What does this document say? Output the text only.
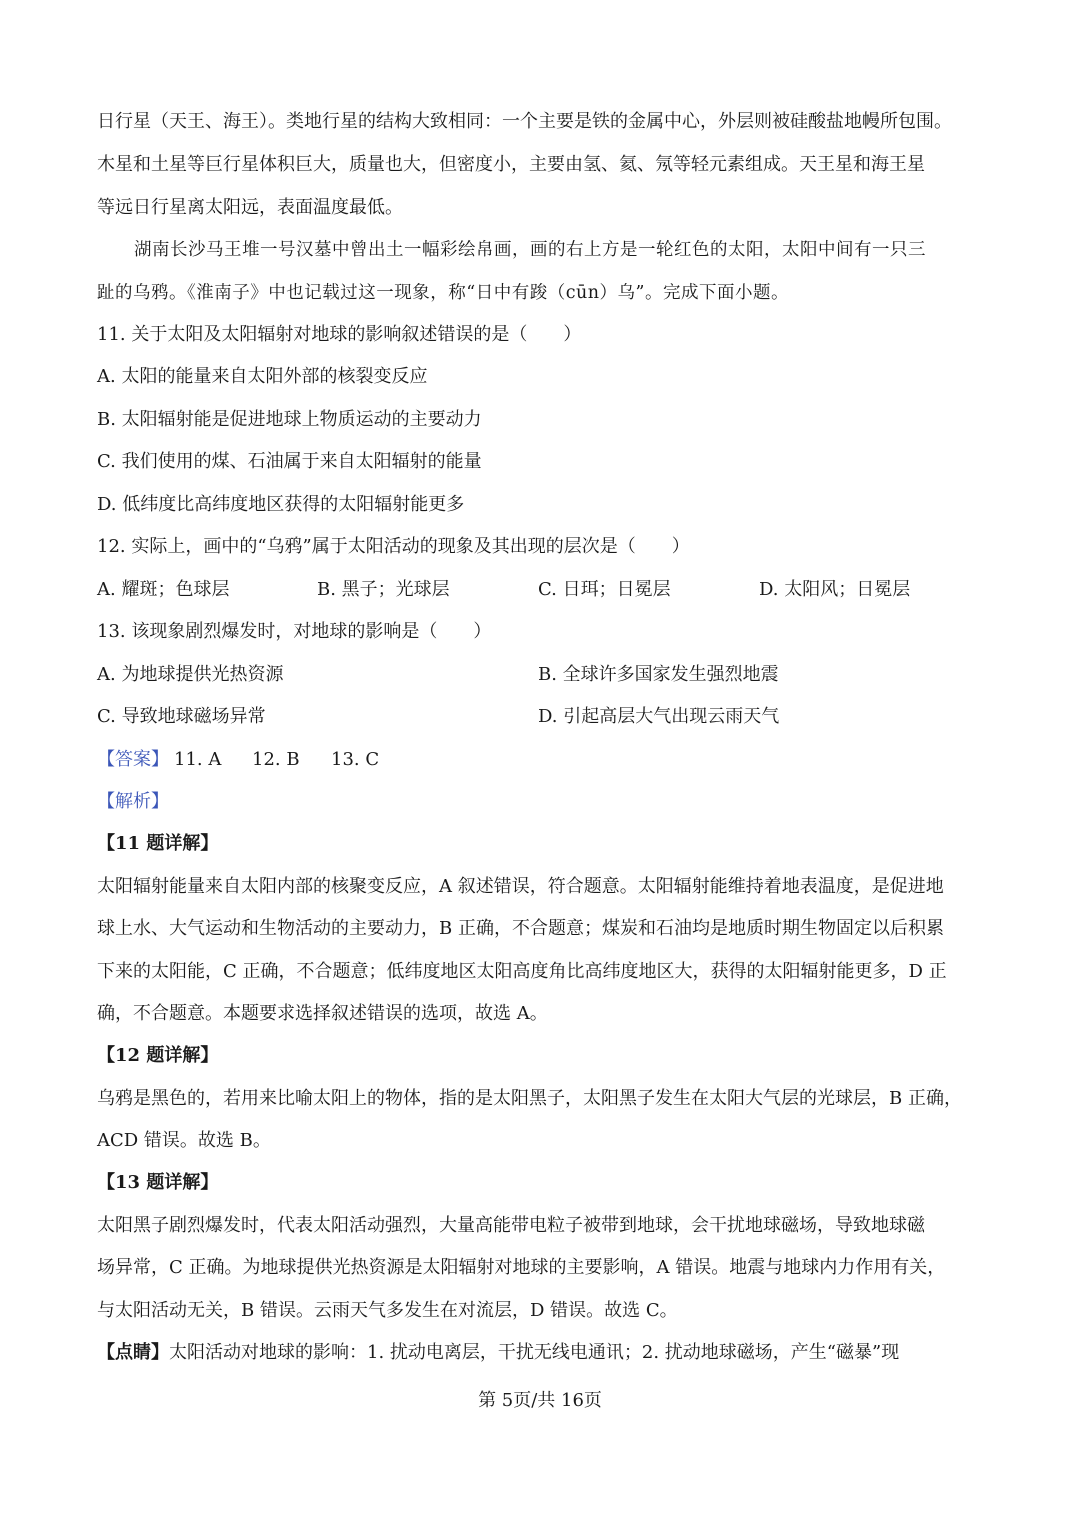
日行星（天王、海王）。类地行星的结构大致相同：一个主要是铁的金属中心，外层则被硅酸盐地幔所包围。
木星和土星等巨行星体积巨大，质量也大，但密度小，主要由氢、氦、氖等轻元素组成。天王星和海王星
等远日行星离太阳远，表面温度最低。
湖南长沙马王堆一号汉墓中曾出土一幅彩绘帛画，画的右上方是一轮红色的太阳，太阳中间有一只三
趾的乌鸦。《淮南子》中也记载过这一现象，称“日中有踆（cūn）乌”。完成下面小题。
11. 关于太阳及太阳辐射对地球的影响叙述错误的是（　　）
A. 太阳的能量来自太阳外部的核裂变反应
B. 太阳辐射能是促进地球上物质运动的主要动力
C. 我们使用的煤、石油属于来自太阳辐射的能量
D. 低纬度比高纬度地区获得的太阳辐射能更多
12. 实际上，画中的“乌鸦”属于太阳活动的现象及其出现的层次是（　　）
A. 耀斑；色球层	B. 黑子；光球层	C. 日珥；日冕层	D. 太阳风；日冕层
13. 该现象剧烈爆发时，对地球的影响是（　　）
A. 为地球提供光热资源	B. 全球许多国家发生强烈地震
C. 导致地球磁场异常	D. 引起高层大气出现云雨天气
【答案】 11. A	12. B	13. C
【解析】
【11 题详解】
太阳辐射能量来自太阳内部的核聚变反应，A 叙述错误，符合题意。太阳辐射能维持着地表温度，是促进地
球上水、大气运动和生物活动的主要动力，B 正确，不合题意；煤炭和石油均是地质时期生物固定以后积累
下来的太阳能，C 正确，不合题意；低纬度地区太阳高度角比高纬度地区大，获得的太阳辐射能更多，D 正
确，不合题意。本题要求选择叙述错误的选项，故选 A。
【12 题详解】
乌鸦是黑色的，若用来比喻太阳上的物体，指的是太阳黑子，太阳黑子发生在太阳大气层的光球层，B 正确，
ACD 错误。故选 B。
【13 题详解】
太阳黑子剧烈爆发时，代表太阳活动强烈，大量高能带电粒子被带到地球，会干扰地球磁场，导致地球磁
场异常，C 正确。为地球提供光热资源是太阳辐射对地球的主要影响，A 错误。地震与地球内力作用有关，
与太阳活动无关，B 错误。云雨天气多发生在对流层，D 错误。故选 C。
【点睛】太阳活动对地球的影响：1. 扰动电离层，干扰无线电通讯；2. 扰动地球磁场，产生“磁暴”现
第 5页/共 16页
